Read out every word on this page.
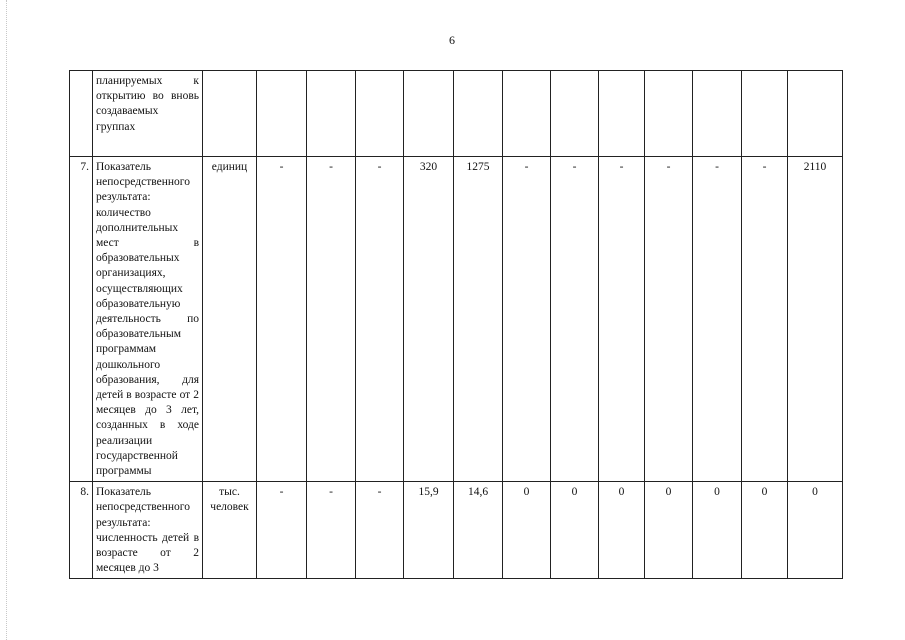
6
	планируемых к открытию во вновь создаваемых группах													
7.	Показатель непосредственного результата: количество дополнительных мест в образовательных организациях, осуществляющих образовательную деятельность по образовательным программам дошкольного образования, для детей в возрасте от 2 месяцев до 3 лет, созданных в ходе реализации государственной программы	единиц	-	-	-	320	1275	-	-	-	-	-	-	2110
8.	Показатель непосредственного результата: численность детей в возрасте от 2 месяцев до 3	тыс. человек	-	-	-	15,9	14,6	0	0	0	0	0	0	0
